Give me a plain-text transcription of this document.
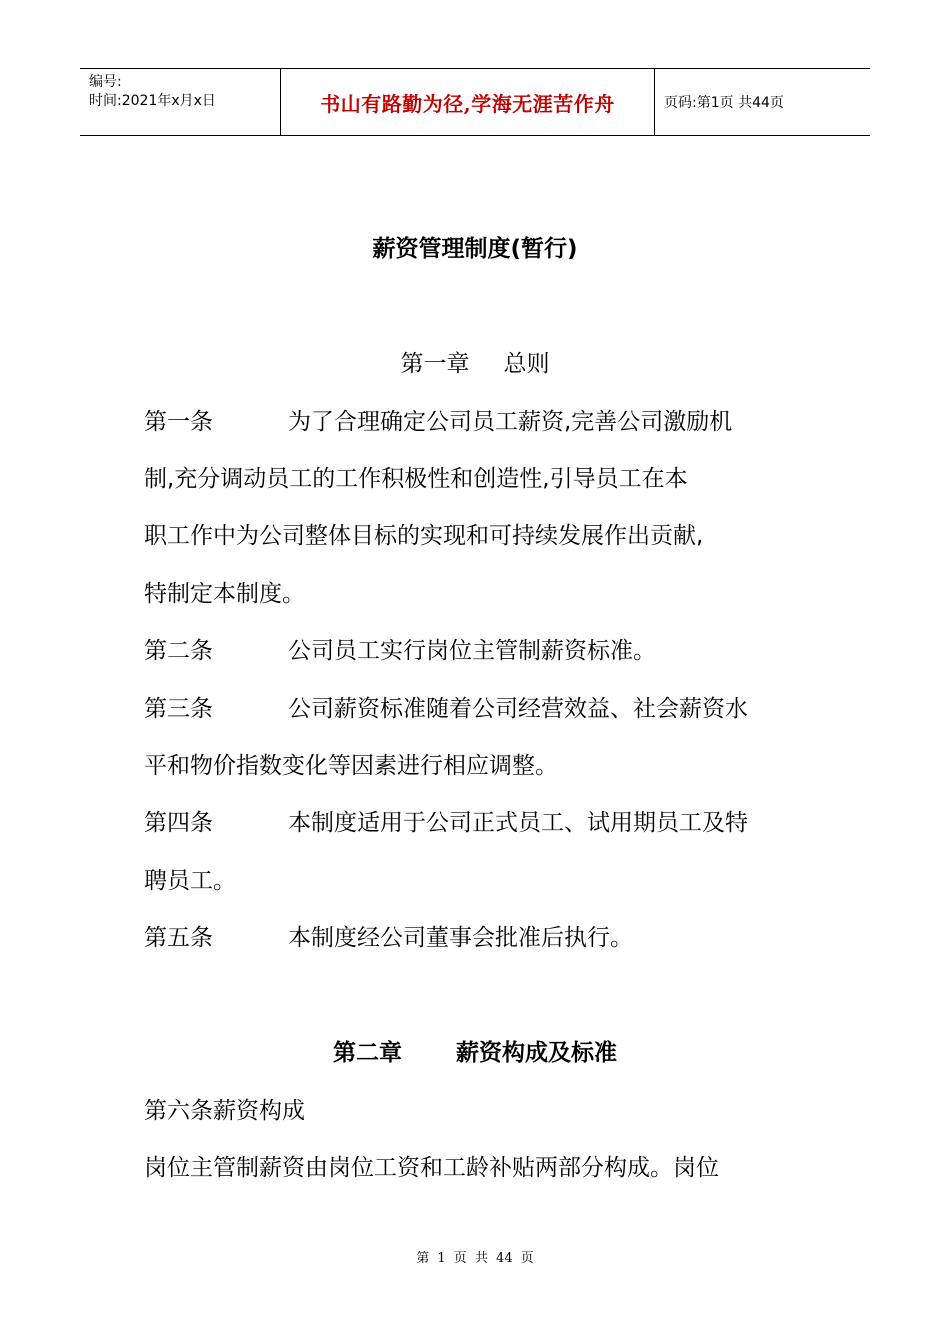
编号:
时间:2021年x月x日	书山有路勤为径,学海无涯苦作舟	页码:第1页 共44页
薪资管理制度(暂行)
第一章 总则
第一条	为了合理确定公司员工薪资,完善公司激励机
制,充分调动员工的工作积极性和创造性,引导员工在本
职工作中为公司整体目标的实现和可持续发展作出贡献,
特制定本制度。
第二条	公司员工实行岗位主管制薪资标准。
第三条	公司薪资标准随着公司经营效益、社会薪资水
平和物价指数变化等因素进行相应调整。
第四条	本制度适用于公司正式员工、试用期员工及特
聘员工。
第五条	本制度经公司董事会批准后执行。
第二章 薪资构成及标准
第六条薪资构成
岗位主管制薪资由岗位工资和工龄补贴两部分构成。岗位
第 1 页 共 44 页
